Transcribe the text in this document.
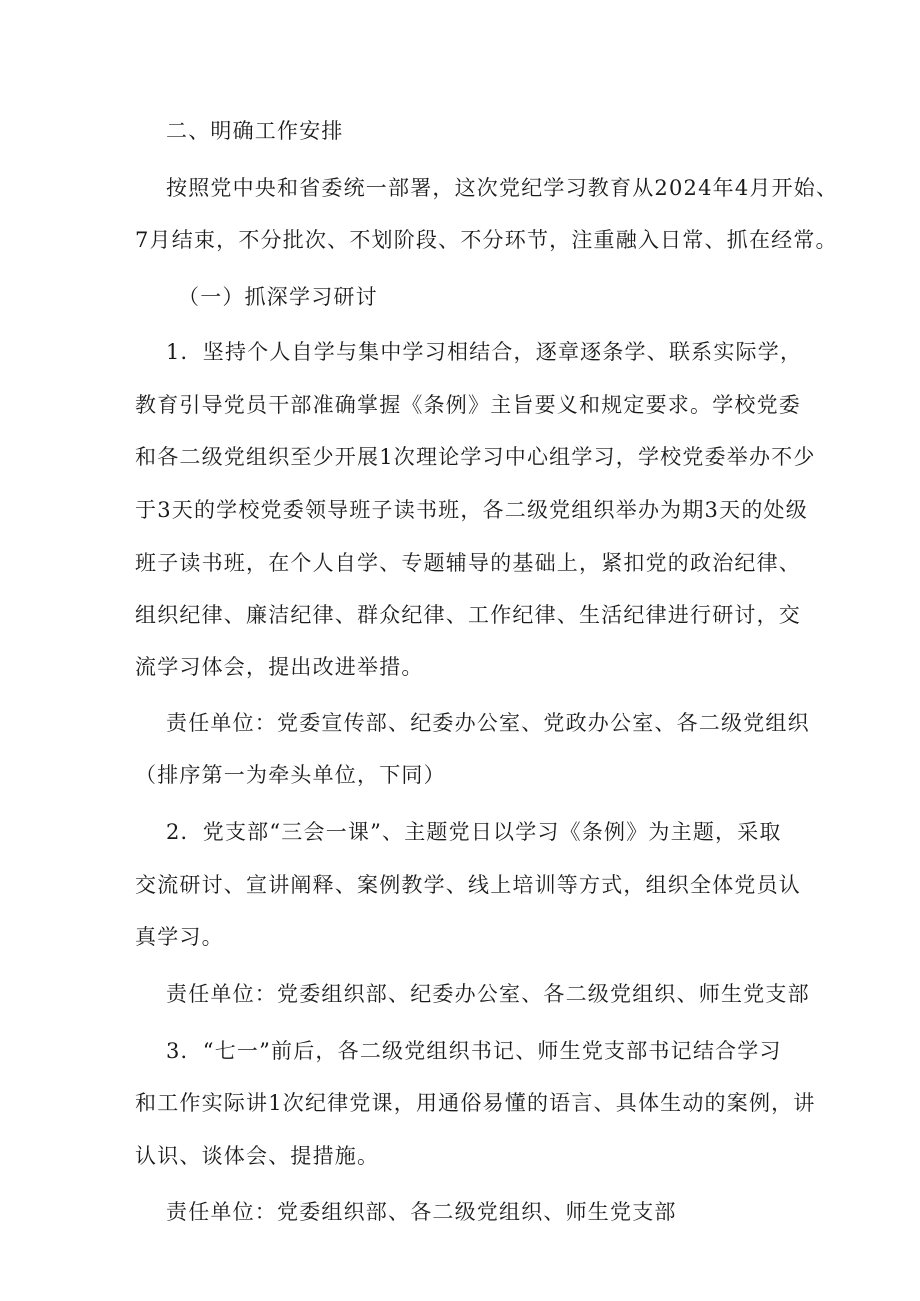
二、明确工作安排
按照党中央和省委统一部署，这次党纪学习教育从2024年4月开始、
7月结束，不分批次、不划阶段、不分环节，注重融入日常、抓在经常。
（一）抓深学习研讨
1．坚持个人自学与集中学习相结合，逐章逐条学、联系实际学，
教育引导党员干部准确掌握《条例》主旨要义和规定要求。学校党委
和各二级党组织至少开展1次理论学习中心组学习，学校党委举办不少
于3天的学校党委领导班子读书班，各二级党组织举办为期3天的处级
班子读书班，在个人自学、专题辅导的基础上，紧扣党的政治纪律、
组织纪律、廉洁纪律、群众纪律、工作纪律、生活纪律进行研讨，交
流学习体会，提出改进举措。
责任单位：党委宣传部、纪委办公室、党政办公室、各二级党组织
（排序第一为牵头单位，下同）
2．党支部“三会一课”、主题党日以学习《条例》为主题，采取
交流研讨、宣讲阐释、案例教学、线上培训等方式，组织全体党员认
真学习。
责任单位：党委组织部、纪委办公室、各二级党组织、师生党支部
3．“七一”前后，各二级党组织书记、师生党支部书记结合学习
和工作实际讲1次纪律党课，用通俗易懂的语言、具体生动的案例，讲
认识、谈体会、提措施。
责任单位：党委组织部、各二级党组织、师生党支部
